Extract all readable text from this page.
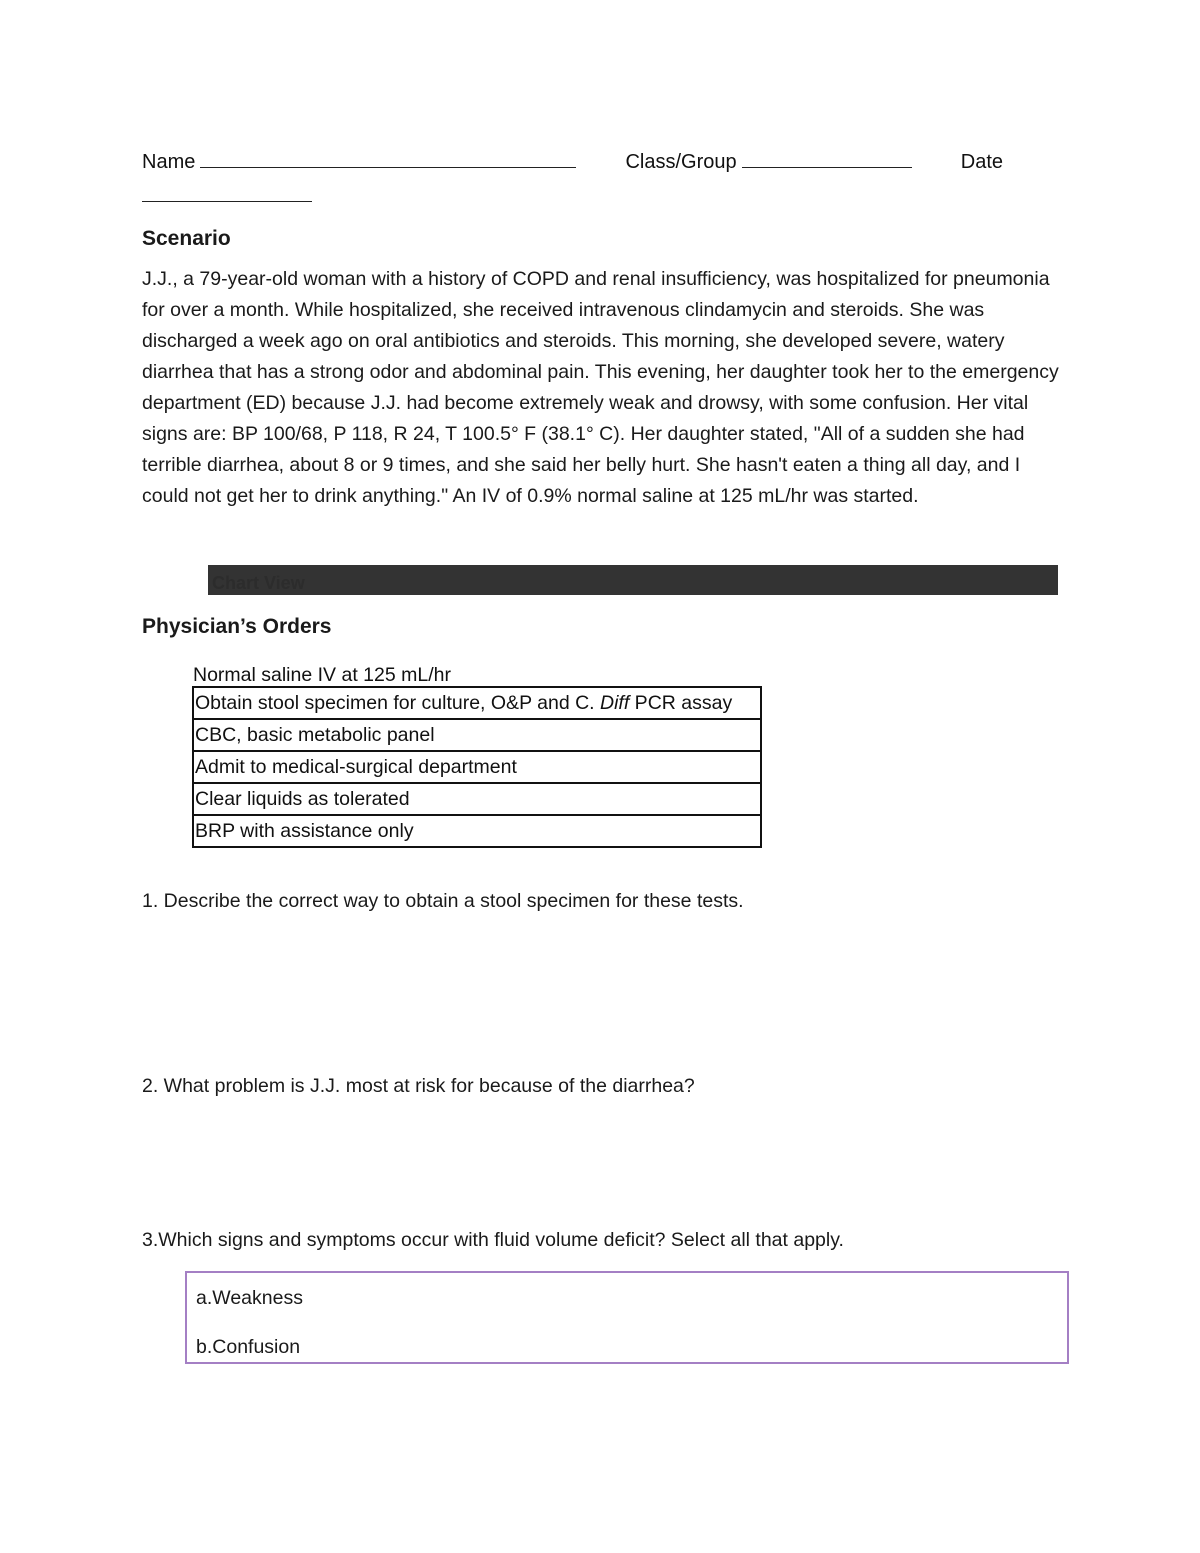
Name	Class/Group	Date
Scenario
J.J., a 79-year-old woman with a history of COPD and renal insufficiency, was hospitalized for pneumonia for over a month. While hospitalized, she received intravenous clindamycin and steroids. She was discharged a week ago on oral antibiotics and steroids. This morning, she developed severe, watery diarrhea that has a strong odor and abdominal pain. This evening, her daughter took her to the emergency department (ED) because J.J. had become extremely weak and drowsy, with some confusion. Her vital signs are: BP 100/68, P 118, R 24, T 100.5° F (38.1° C). Her daughter stated, "All of a sudden she had terrible diarrhea, about 8 or 9 times, and she said her belly hurt. She hasn't eaten a thing all day, and I could not get her to drink anything." An IV of 0.9% normal saline at 125 mL/hr was started.
Chart View
Physician’s Orders
Normal saline IV at 125 mL/hr
Obtain stool specimen for culture, O&P and C. Diff PCR assay
CBC, basic metabolic panel
Admit to medical-surgical department
Clear liquids as tolerated
BRP with assistance only
1. Describe the correct way to obtain a stool specimen for these tests.
2. What problem is J.J. most at risk for because of the diarrhea?
3.Which signs and symptoms occur with fluid volume deficit? Select all that apply.
a.Weakness
b.Confusion
